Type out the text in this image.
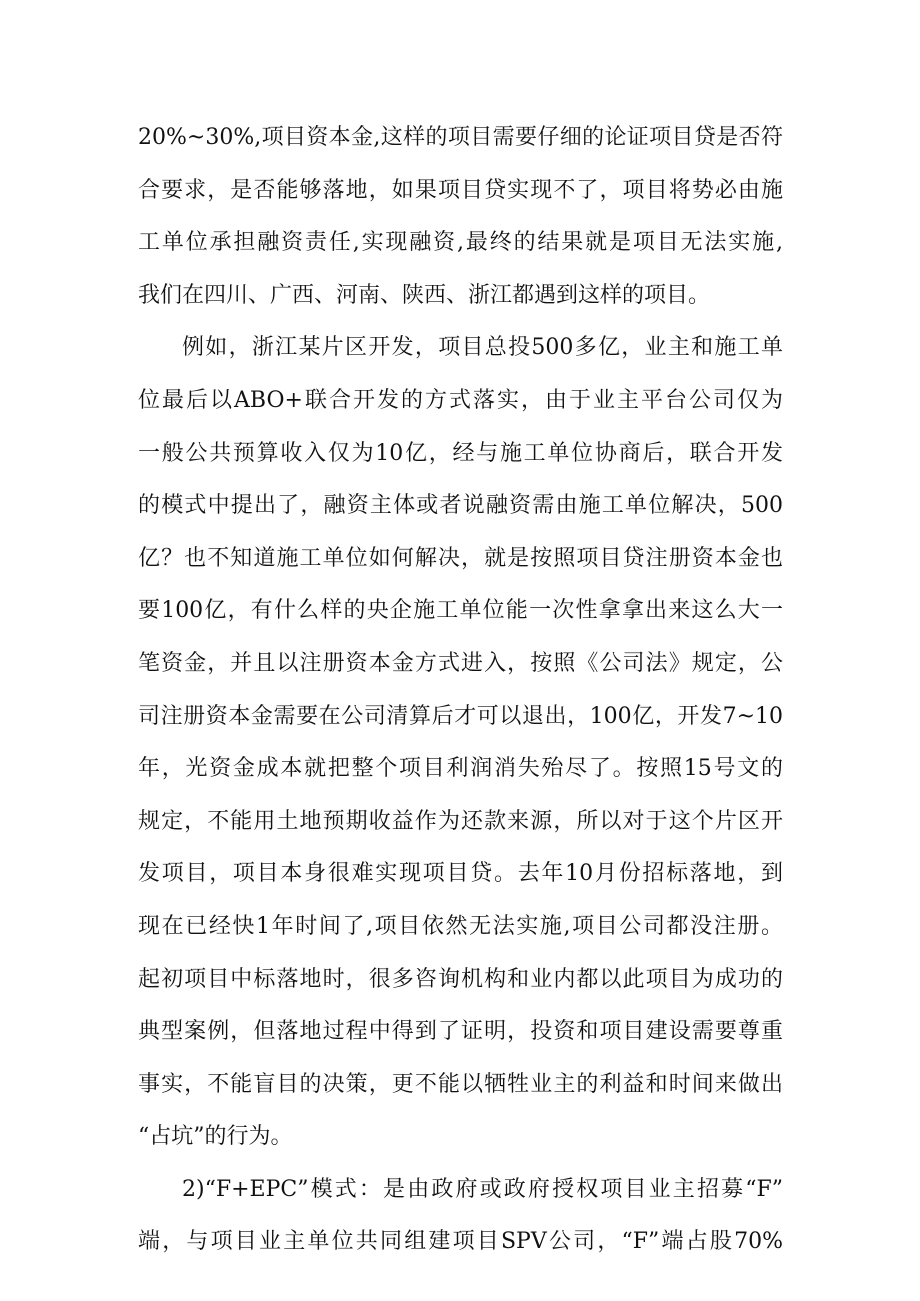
20%~30%,项目资本金,这样的项目需要仔细的论证项目贷是否符
合要求，是否能够落地，如果项目贷实现不了，项目将势必由施
工单位承担融资责任,实现融资,最终的结果就是项目无法实施,
我们在四川、广西、河南、陕西、浙江都遇到这样的项目。
例如，浙江某片区开发，项目总投500多亿，业主和施工单
位最后以ABO+联合开发的方式落实，由于业主平台公司仅为
一般公共预算收入仅为10亿，经与施工单位协商后，联合开发
的模式中提出了，融资主体或者说融资需由施工单位解决，500
亿？也不知道施工单位如何解决，就是按照项目贷注册资本金也
要100亿，有什么样的央企施工单位能一次性拿拿出来这么大一
笔资金，并且以注册资本金方式进入，按照《公司法》规定，公
司注册资本金需要在公司清算后才可以退出，100亿，开发7~10
年，光资金成本就把整个项目利润消失殆尽了。按照15号文的
规定，不能用土地预期收益作为还款来源，所以对于这个片区开
发项目，项目本身很难实现项目贷。去年10月份招标落地，到
现在已经快1年时间了,项目依然无法实施,项目公司都没注册。
起初项目中标落地时，很多咨询机构和业内都以此项目为成功的
典型案例，但落地过程中得到了证明，投资和项目建设需要尊重
事实，不能盲目的决策，更不能以牺牲业主的利益和时间来做出
“占坑”的行为。
2)“F+EPC”模式：是由政府或政府授权项目业主招募“F”
端，与项目业主单位共同组建项目SPV公司，“F”端占股70%
